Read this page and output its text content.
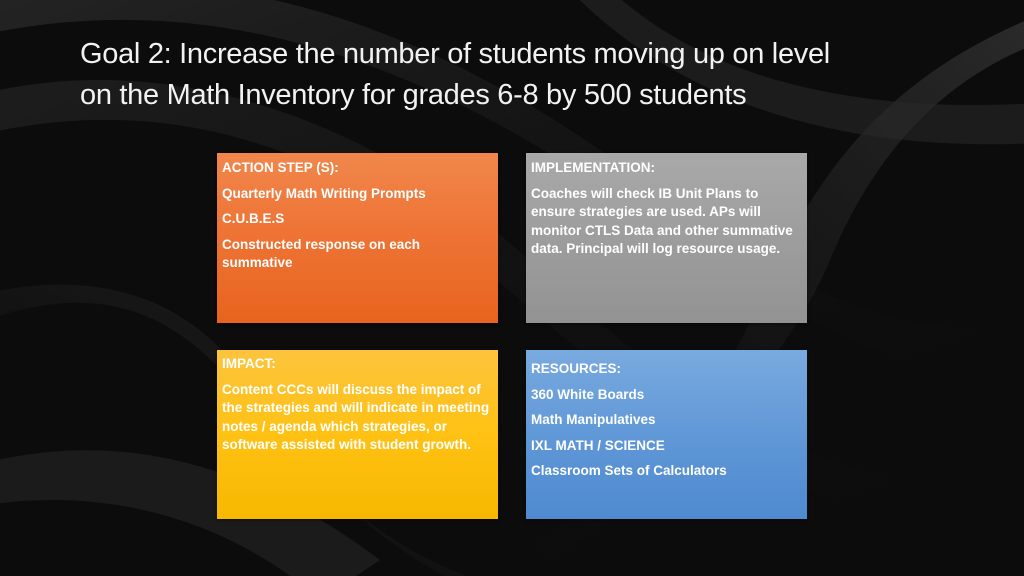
Goal 2: Increase the number of students moving up on level
on the Math Inventory for grades 6-8 by 500 students
ACTION STEP (S):
Quarterly Math Writing Prompts
C.U.B.E.S
Constructed response on each summative
IMPLEMENTATION:
Coaches will check IB Unit Plans to ensure strategies are used. APs will monitor CTLS Data and other summative data. Principal will log resource usage.
IMPACT:
Content CCCs will discuss the impact of the strategies and will indicate in meeting notes / agenda which strategies, or software assisted with student growth.
RESOURCES:
360 White Boards
Math Manipulatives
IXL MATH / SCIENCE
Classroom Sets of Calculators
